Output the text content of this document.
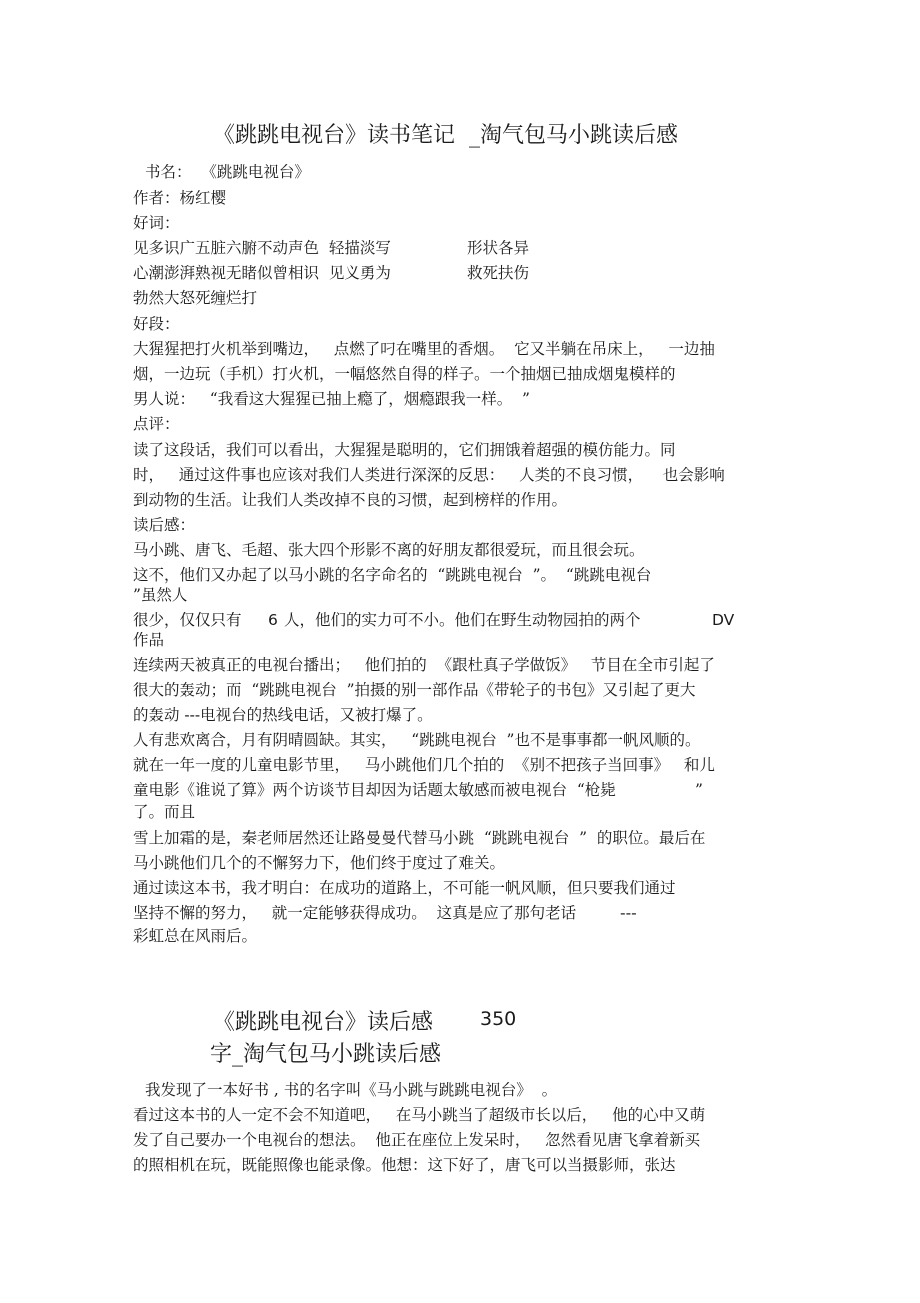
《跳跳电视台》读书笔记  _淘气包马小跳读后感
书名：  《跳跳电视台》
作者：杨红樱
好词：
见多识广五脏六腑不动声色  轻描淡写	形状各异
心潮澎湃熟视无睹似曾相识  见义勇为	救死扶伤
勃然大怒死缠烂打
好段：
大猩猩把打火机举到嘴边，   点燃了叼在嘴里的香烟。  它又半躺在吊床上，   一边抽
烟，一边玩（手机）打火机，一幅悠然自得的样子。一个抽烟已抽成烟鬼模样的
男人说：   “我看这大猩猩已抽上瘾了，烟瘾跟我一样。  ”
点评：
读了这段话，我们可以看出，大猩猩是聪明的，它们拥饿着超强的模仿能力。同
时，   通过这件事也应该对我们人类进行深深的反思：   人类的不良习惯，    也会影响
到动物的生活。让我们人类改掉不良的习惯，起到榜样的作用。
读后感：
马小跳、唐飞、毛超、张大四个形影不离的好朋友都很爱玩，而且很会玩。
这不，他们又办起了以马小跳的名字命名的  “跳跳电视台  ”。  “跳跳电视台
”虽然人
很少，仅仅只有 6 人，他们的实力可不小。他们在野生动物园拍的两个	DV
作品
连续两天被真正的电视台播出；   他们拍的  《跟杜真子学做饭》   节目在全市引起了
很大的轰动；而  “跳跳电视台  ”拍摄的别一部作品《带轮子的书包》又引起了更大
的轰动 ---电视台的热线电话，又被打爆了。
人有悲欢离合，月有阴晴圆缺。其实，   “跳跳电视台  ”也不是事事都一帆风顺的。
就在一年一度的儿童电影节里，   马小跳他们几个拍的  《别不把孩子当回事》   和儿
童电影《谁说了算》两个访谈节目却因为话题太敏感而被电视台  “枪毙	”
了。而且
雪上加霜的是，秦老师居然还让路曼曼代替马小跳  “跳跳电视台  ”  的职位。最后在
马小跳他们几个的不懈努力下，他们终于度过了难关。
通过读这本书，我才明白：在成功的道路上，不可能一帆风顺，但只要我们通过
坚持不懈的努力，   就一定能够获得成功。  这真是应了那句老话	---
彩虹总在风雨后。
《跳跳电视台》读后感 350
字_淘气包马小跳读后感
我发现了一本好书 , 书的名字叫《马小跳与跳跳电视台》  。
看过这本书的人一定不会不知道吧，   在马小跳当了超级市长以后，   他的心中又萌
发了自己要办一个电视台的想法。  他正在座位上发呆时，   忽然看见唐飞拿着新买
的照相机在玩，既能照像也能录像。他想：这下好了，唐飞可以当摄影师，张达
